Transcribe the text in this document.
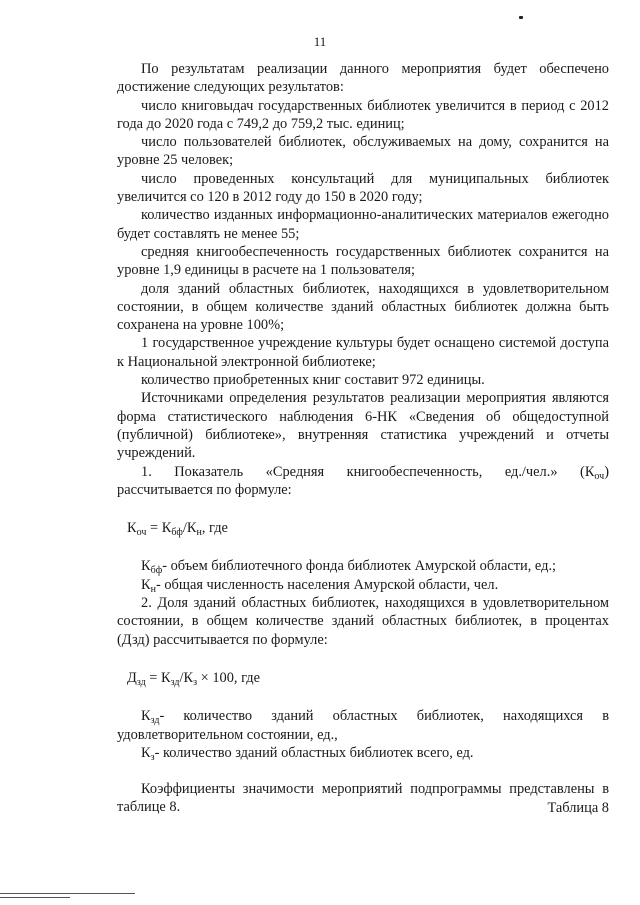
11

По результатам реализации данного мероприятия будет обеспечено достижение следующих результатов:

число книговыдач государственных библиотек увеличится в период с 2012 года до 2020 года с 749,2 до 759,2 тыс. единиц;

число пользователей библиотек, обслуживаемых на дому, сохранится на уровне 25 человек;

число проведенных консультаций для муниципальных библиотек увеличится со 120 в 2012 году до 150 в 2020 году;

количество изданных информационно-аналитических материалов ежегодно будет составлять не менее 55;

средняя книгообеспеченность государственных библиотек сохранится на уровне 1,9 единицы в расчете на 1 пользователя;

доля зданий областных библиотек, находящихся в удовлетворительном состоянии, в общем количестве зданий областных библиотек должна быть сохранена на уровне 100%;

1 государственное учреждение культуры будет оснащено системой доступа к Национальной электронной библиотеке;

количество приобретенных книг составит 972 единицы.

Источниками определения результатов реализации мероприятия являются форма статистического наблюдения 6-НК «Сведения об общедоступной (публичной) библиотеке», внутренняя статистика учреждений и отчеты учреждений.

1. Показатель «Средняя книгообеспеченность, ед./чел.» $(К_{оч})$ рассчитывается по формуле:

$К_{оч} = К_{бф}/К_н$, где

$К_{бф}-$ объем библиотечного фонда библиотек Амурской области, ед.;

$К_н-$ общая численность населения Амурской области, чел.

2. Доля зданий областных библиотек, находящихся в удовлетворительном состоянии, в общем количестве зданий областных библиотек, в процентах (Дзд) рассчитывается по формуле:

$Д_{зд} = К_{зд}/К_з \times 100$, где

$К_{зд}-$ количество зданий областных библиотек, находящихся в удовлетворительном состоянии, ед.,

$К_з-$ количество зданий областных библиотек всего, ед.

Коэффициенты значимости мероприятий подпрограммы представлены в таблице 8.	Таблица 8
